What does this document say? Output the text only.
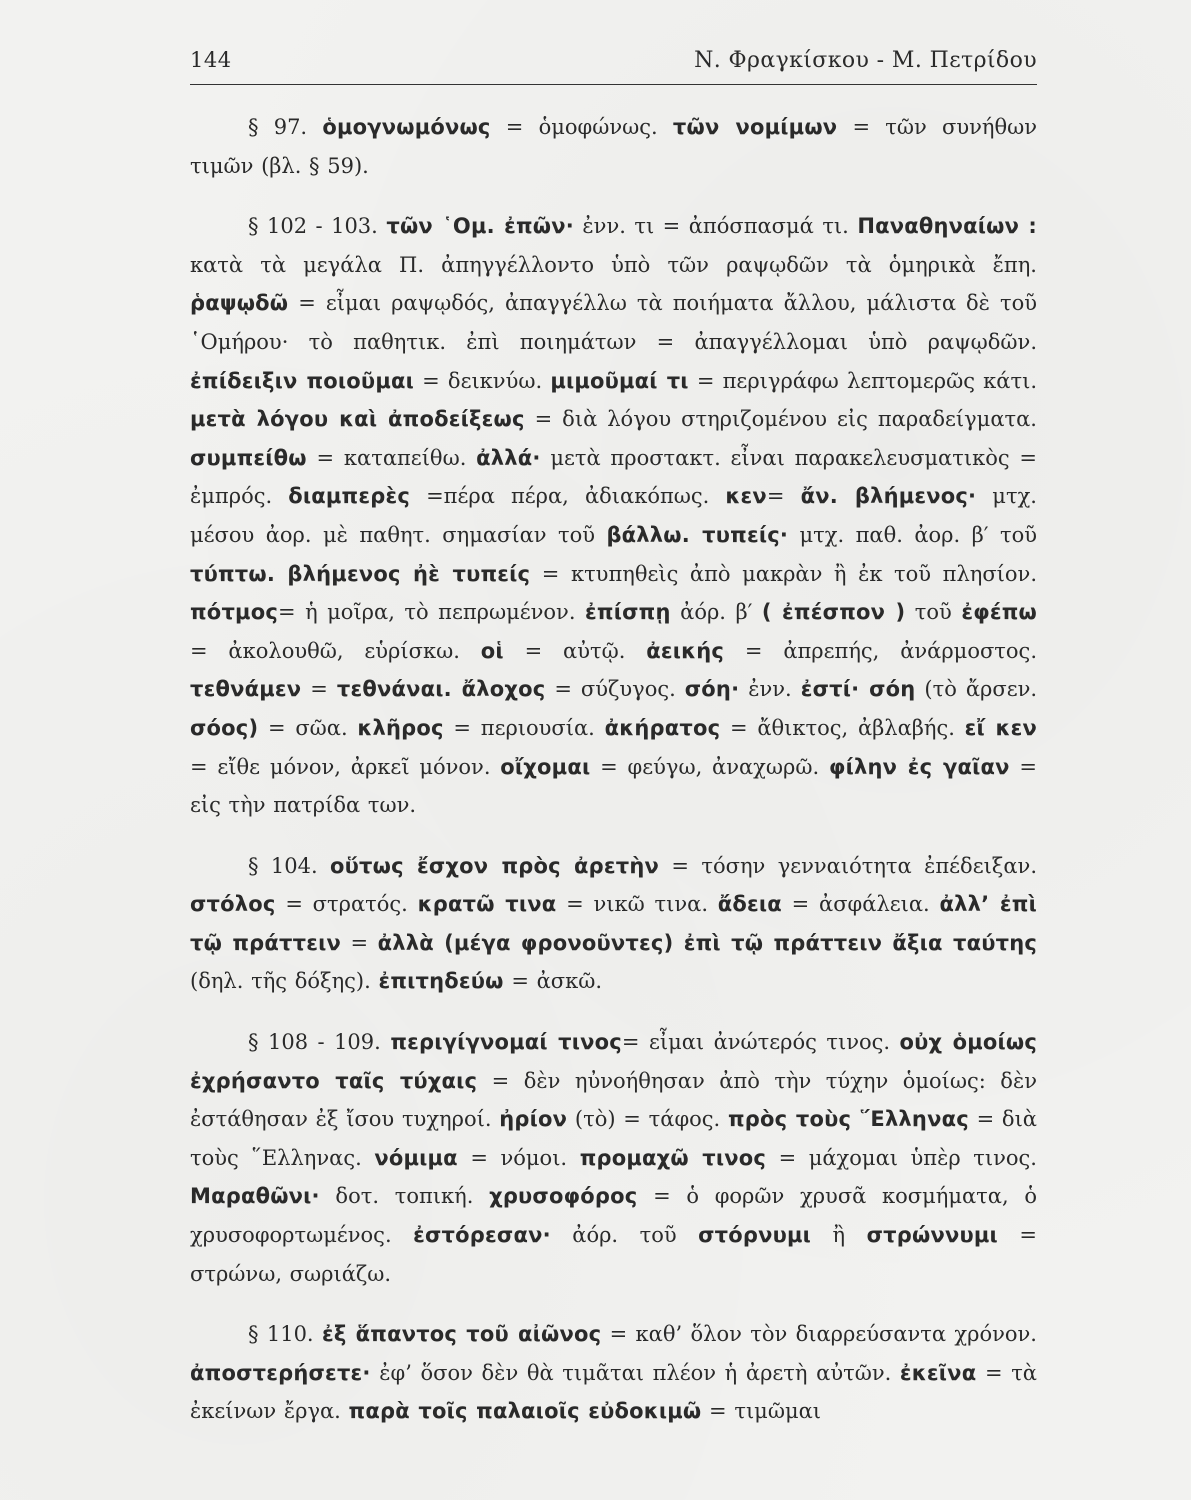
144	Ν. Φραγκίσκου - Μ. Πετρίδου

§ 97. ὁμογνωμόνως = ὁμοφώνως. τῶν νομίμων = τῶν συνήθων τιμῶν (βλ. § 59).

§ 102 - 103. τῶν ῾Ομ. ἐπῶν· ἐνν. τι = ἀπόσπασμά τι. Παναθηναίων : κατὰ τὰ μεγάλα Π. ἀπηγγέλλοντο ὑπὸ τῶν ραψῳδῶν τὰ ὁμηρικὰ ἔπη. ῥαψῳδῶ = εἶμαι ραψῳδός, ἀπαγγέλλω τὰ ποιήματα ἄλλου, μάλιστα δὲ τοῦ ῾Ομήρου· τὸ παθητικ. ἐπὶ ποιημάτων = ἀπαγγέλλομαι ὑπὸ ραψῳδῶν. ἐπίδειξιν ποιοῦμαι = δεικνύω. μιμοῦμαί τι = περιγράφω λεπτομερῶς κάτι. μετὰ λόγου καὶ ἀποδείξεως = διὰ λόγου στηριζομένου εἰς παραδείγματα. συμπείθω = καταπείθω. ἀλλά· μετὰ προστακτ. εἶναι παρακελευσματικὸς = ἐμπρός. διαμπερὲς =πέρα πέρα, ἀδιακόπως. κεν= ἄν. βλήμενος· μτχ. μέσου ἀορ. μὲ παθητ. σημασίαν τοῦ βάλλω. τυπείς· μτχ. παθ. ἀορ. β′ τοῦ τύπτω. βλήμενος ἠὲ τυπείς = κτυπηθεὶς ἀπὸ μακρὰν ἢ ἐκ τοῦ πλησίον. πότμος= ἡ μοῖρα, τὸ πεπρωμένον. ἐπίσπῃ ἀόρ. β′ ( ἐπέσπον ) τοῦ ἐφέπω = ἀκολουθῶ, εὑρίσκω. οἱ = αὐτῷ. ἀεικής = ἀπρεπής, ἀνάρμοστος. τεθνάμεν = τεθνάναι. ἄλοχος = σύζυγος. σόη· ἐνν. ἐστί· σόη (τὸ ἄρσεν. σόος) = σῶα. κλῆρος = περιουσία. ἀκήρατος = ἄθικτος, ἀβλαβής. εἴ κεν = εἴθε μόνον, ἀρκεῖ μόνον. οἴχομαι = φεύγω, ἀναχωρῶ. φίλην ἐς γαῖαν = εἰς τὴν πατρίδα των.

§ 104. οὕτως ἔσχον πρὸς ἀρετὴν = τόσην γενναιότητα ἐπέδειξαν. στόλος = στρατός. κρατῶ τινα = νικῶ τινα. ἄδεια = ἀσφάλεια. ἀλλ’ ἐπὶ τῷ πράττειν = ἀλλὰ (μέγα φρονοῦντες) ἐπὶ τῷ πράττειν ἄξια ταύτης (δηλ. τῆς δόξης). ἐπιτηδεύω = ἀσκῶ.

§ 108 - 109. περιγίγνομαί τινος= εἶμαι ἀνώτερός τινος. οὐχ ὁμοίως ἐχρήσαντο ταῖς τύχαις = δὲν ηὐνοήθησαν ἀπὸ τὴν τύχην ὁμοίως: δὲν ἐστάθησαν ἐξ ἴσου τυχηροί. ἠρίον (τὸ) = τάφος. πρὸς τοὺς ῞Ελληνας = διὰ τοὺς ῞Ελληνας. νόμιμα = νόμοι. προμαχῶ τινος = μάχομαι ὑπὲρ τινος. Μαραθῶνι· δοτ. τοπική. χρυσοφόρος = ὁ φορῶν χρυσᾶ κοσμήματα, ὁ χρυσοφορτωμένος. ἐστόρεσαν· ἀόρ. τοῦ στόρνυμι ἢ στρώννυμι = στρώνω, σωριάζω.

§ 110. ἐξ ἅπαντος τοῦ αἰῶνος = καθ’ ὅλον τὸν διαρρεύσαντα χρόνον. ἀποστερήσετε· ἐφ’ ὅσον δὲν θὰ τιμᾶται πλέον ἡ ἀρετὴ αὐτῶν. ἐκεῖνα = τὰ ἐκείνων ἔργα. παρὰ τοῖς παλαιοῖς εὐδοκιμῶ = τιμῶμαι
